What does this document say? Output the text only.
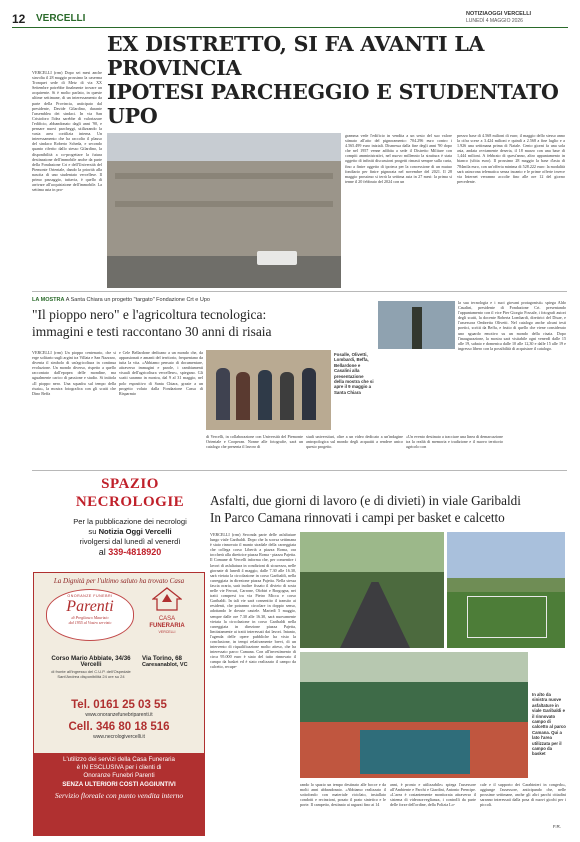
12 VERCELLI	NOTIZIAOGGI VERCELLI
LUNEDÌ 4 MAGGIO 2026
VERCELLI (rrm) Dopo sei mesi anche stavolta il 28 maggio prossimo la caserma Tronquet sede di Metz di via XX Settembre potrebbe finalmente trovare un acquirente. Si è molto parlato, in queste ultime settimane, di un interessamento da parte della Provincia, anticipato dal presidente, Davide Gilardino, durante l'assemblea dei sindaci. In via San Cristoforo l'idea sarebbe di valorizzare l'edificio, abbandonato dagli anni '90, e pensare nuovi parcheggi, utilizzando la vasta area cortilizia interna. Un interessamento che ha raccolto il plauso del sindaco Roberto Scheda, e secondo quanto riferito dallo stesso Gilardino, la disponibilità a co-progettare la futura destinazione dell'immobile anche da parte della Fondazione Crt e dell'Università del Piemonte Orientale, dando la priorità alla nascita di uno studentato vercellese. Il primo passaggio, tuttavia, è quello di arrivare all'acquisizione dell'immobile. La settima asta in pro-
EX DISTRETTO, SI FA AVANTI LA PROVINCIA
IPOTESI PARCHEGGIO E STUDENTATO UPO
gramma vede l'edificio in vendita a un sesto del suo valore stimato all'atto del pignoramento: 704.296 euro contro i 4.565.499 euro iniziali. Dismessa dalla fine degli anni '90 dopo che nel 1957 venne adibita a sede il Distretto Militare con compiti amministrativi, nel nuovo millennio la struttura è stata oggetto di infiniti discussioni progetti rimasti sempre sulla carta, fino a finire oggetto di ipoteca per la concessione di un mutuo fondiario per finire pignorata nel novembre del 2021. Il 28 maggio prossimo si terrà la settima asta in 27 mesi: la prima si tenne il 20 febbraio del 2024 con un
prezzo base di 4.568 milioni di euro; il maggio dello stesso anno la cifra scese a 3.424 milioni e quindi a 2.568 a fine luglio e a 1.926 una settimana prima di Natale. Cento giorni fa una sola asta, andata ovviamente deserta, il 18 marzo con una base di 1,444 milioni. A febbraio di quest'anno, altro appuntamento in bianco (sfitta euro). Il prossimo 28 maggio la base d'asta di 784mila euro, con un'offerta minima di 528.222 euro: la modalità sarà asincrona telematica senza incanto e le prime offerte invece via Internet verranno accolte fino alle ore 12 del giorno precedente.
LA MOSTRA A Santa Chiara un progetto "targato" Fondazione Crt e Upo
"Il pioppo nero" e l'agricoltura tecnologica:
immagini e testi raccontano 30 anni di risaia
VERCELLI (rrm) Un pioppo centenario, che si erge solitario sugli argini tra Villata e San Nazzaro, diventa il simbolo di un'agricoltura in continua evoluzione. Un mondo diverso, rispetto a quello raccontato dall'epopea delle mondine, ma ugualmente carico di passione e studio. Si intitola «Il pioppo nero. Una squadra sul tempo della risaia», la mostra fotografica con gli scatti che Dino Beffa
e Cele Bellardone dedicano a un mondo che, da appassionati e amanti del territorio, frequentano da tutta la vita. «Abbiamo pensato di documentare, attraverso immagini e parole, i cambiamenti visuali dell'agricoltura vercellese», spiegano. Gli scatti saranno in mostra, dal 9 al 31 maggio, nel polo espositivo di Santa Chiara, grazie a un progetto voluto dalla Fondazione Cassa di Risparmio
Fosalle, Olivetti, Lombardi, Beffa, Bellardone e Casalini alla presentazione della mostra che si apre il 9 maggio a Santa Chiara
di Vercelli, in collaborazione con Università del Piemonte Orientale e Cooperan. Nonne alle fotografie, sarà un catalogo che presenta il lavoro di
studi universitari, oltre a un video dedicato a un'indagine antropologica sul mondo degli acquatiti a rendere unico questo progetto.
«Un evento destinato a tracciare una linea di demarcazione tra la realtà di memoria e tradizione e il nuovo territorio agricolo con
la sua tecnologia e i suoi giovani protagonisti» spiega Aldo Casalini, presidente di Fondazione Crt. presentando l'appuntamento con il vice Pier Giorgio Fossale, i fotografi autori degli scatti, la docente Roberta Lombardi, direttrici del Disae, e l'assessora Ombretta Olivetti. Nel catalogo anche alcuni testi poetici, scritti da Beffa, e frutto di quello che viene considerato uno sguardo emotivo su un mondo della risaia. Dopo l'inaugurazione, la mostra sarà visitabile ogni venerdì dalle 15 alle 19, sabato e domenica dalle 10 alle 12,30 e dalle 15 alle 19 e ingresso libero con la possibilità di acquistare il catalogo.
SPAZIO
NECROLOGIE
Per la pubblicazione dei necrologi
su Notizia Oggi Vercelli
rivolgersi dal lunedì al venerdì
al 339-4818920
La Dignità per l'ultimo saluto ha trovato Casa
ONORANZE FUNEBRI
Parenti
di Pregliasco Maurizio
dal 1955 al Vostro servizio
CASA
FUNERARIA
VERCELLI
Corso Mario Abbiate, 34/36
Vercelli
di fronte all'ingresso del C.U.P. dell'Ospedale Sant'Andrea disponibilità 24 ore su 24
Via Torino, 68
Caresanablot, VC
Tel. 0161 25 03 55
www.onoranzefunebriparenti.it
Cell. 346 80 18 516
www.necrologivercelli.it
L'utilizzo dei servizi della Casa Funeraria
è IN ESCLUSIVA per i clienti di
Onoranze Funebri Parenti
SENZA ULTERIORI COSTI AGGIUNTIVI
Servizio floreale con punto vendita interno
Asfalti, due giorni di lavoro (e di divieti) in viale Garibaldi
In Parco Camana rinnovati i campi per basket e calcetto
VERCELLI (rrm) Seconda parte delle asfaltature lungo viale Garibaldi. Dopo che la scorsa settimana è stato rinnovato il manto stradale della carreggiata che collega corso Libertà a piazza Roma, ora toccherà alla direttrice piazza Roma - piazza Pajetta. Il Comune di Vercelli informa che, per consentire i lavori di asfaltatura in condizioni di sicurezza, nelle giornate di lunedì 4 maggio, dalle 7.30 alle 16.30, sarà vietata la circolazione in corso Garibaldi, nella carreggiata in direzione piazza Pajetta. Nella stessa fascia oraria, sarà inoltre fissato il divieto di sosta nelle vie Ferrari, Carrone, Olobtri e Borgogna, nei tratti compresi tra via Pietro Micca e corso Garibaldi. In tali vie sarà consentito il transito ai residenti, che potranno circolare in doppio senso, adottando le dovute cautele. Martedì 5 maggio, sempre dalle ore 7.30 alle 16.30, sarà nuovamente vietata la circolazione in corso Garibaldi nella carreggiata in direzione piazza Pajetta, limitatamente ai tratti interessati dai lavori. Intanto, l'agenda delle opere pubbliche ha visto la conclusione, in tempi relativamente brevi, di un intervento di riqualificazione molto atteso, che ha interessato parco Camana. Con all'investimento di circa 95.000 euro è stato del tutto rinnovato il campo da basket ed è stato realizzato il campo da calcetto, recupe-
In alto da sinistra nuove asfaltature in viale Garibaldi e il rinnovato campo di calcetto al parco Camana. Qui a lato l'area utilizzata per il campo da basket
rando lo spazio un tempo destinato alle bocce e da molti anni abbandonato. «Abbiamo realizzato il sottofondo con materiale riciclato, installato condotti e recinzioni, posato il prato sintetico e le porte. Il campetto, destinato ai ragazzi fino ai 14
anni, è pronto e utilizzabile» spiega l'assessore all'Ambiente e Parchi e Giardini, Antonio Prencipe. «L'area è costantemente monitorata attraverso il sistema di videosorveglianza, i controlli da parte delle forze dell'ordine, della Polizia Lo-
cale e il supporto dei Carabinieri in congedo», aggiunge l'assessore, anticipando che, nelle prossime settimane, anche gli altri parchi cittadini saranno interessati dalla posa di nuovi giochi per i piccoli.
F.R.
